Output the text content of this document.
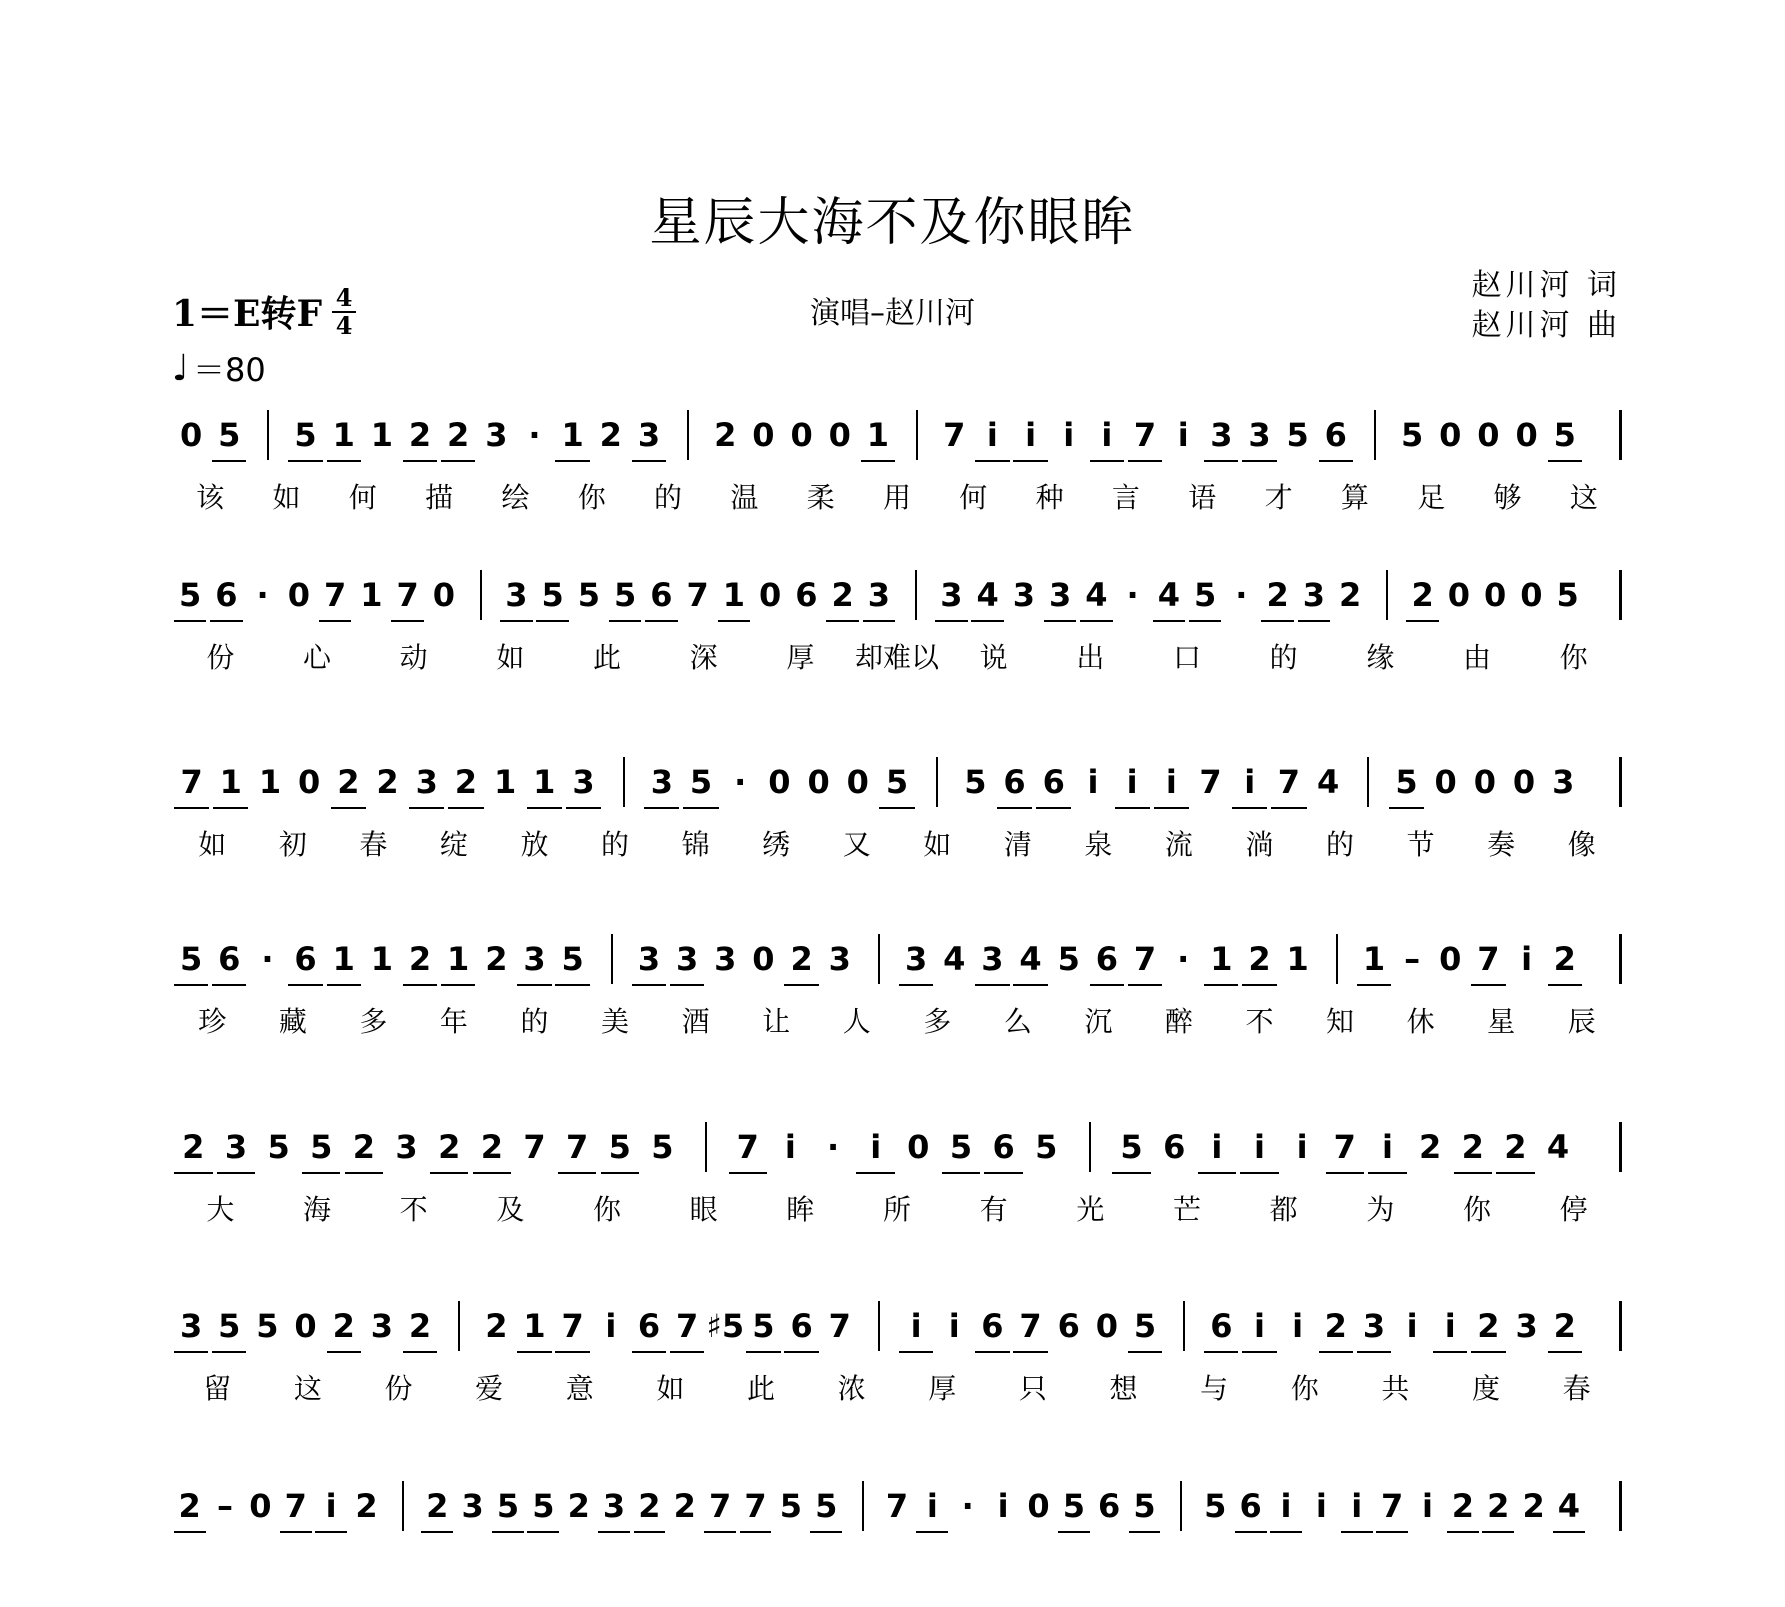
星辰大海不及你眼眸
1＝E转F 4
4
♩ ＝80
演唱–赵川河
赵川河 词
赵川河 曲
0 5 5 1 1 2 2 3 · 1 2 3 2 0 0 0 1 7 i i i i 7 i 3 3 5 6 5 0 0 0 5
该 如 何 描 绘 你 的 温 柔 用 何 种 言 语 才 算 足 够 这
5 6 · 0 7 1 7 0 3 5 5 5 6 7 1 0 6 2 3 3 4 3 3 4 · 4 5 · 2 3 2 2 0 0 0 5
份 心 动 如 此 深 厚 却难以 说 出 口 的 缘 由 你
7 1 1 0 2 2 3 2 1 1 3 3 5 · 0 0 0 5 5 6 6 i i i 7 i 7 4 5 0 0 0 3
如 初 春 绽 放 的 锦 绣 又 如 清 泉 流 淌 的 节 奏 像
5 6 · 6 1 1 2 1 2 3 5 3 3 3 0 2 3 3 4 3 4 5 6 7 · 1 2 1 1 – 0 7 i 2
珍 藏 多 年 的 美 酒 让 人 多 么 沉 醉 不 知 休 星 辰
2 3 5 5 2 3 2 2 7 7 5 5 7 i · i 0 5 6 5 5 6 i i i 7 i 2 2 2 4
大 海 不 及 你 眼 眸 所 有 光 芒 都 为 你 停
3 5 5 0 2 3 2 2 1 7 i 6 7 ♯5 5 6 7 i i 6 7 6 0 5 6 i i 2 3 i i 2 3 2
留 这 份 爱 意 如 此 浓 厚 只 想 与 你 共 度 春
2 – 0 7 i 2 2 3 5 5 2 3 2 2 7 7 5 5 7 i · i 0 5 6 5 5 6 i i i 7 i 2 2 2 4
